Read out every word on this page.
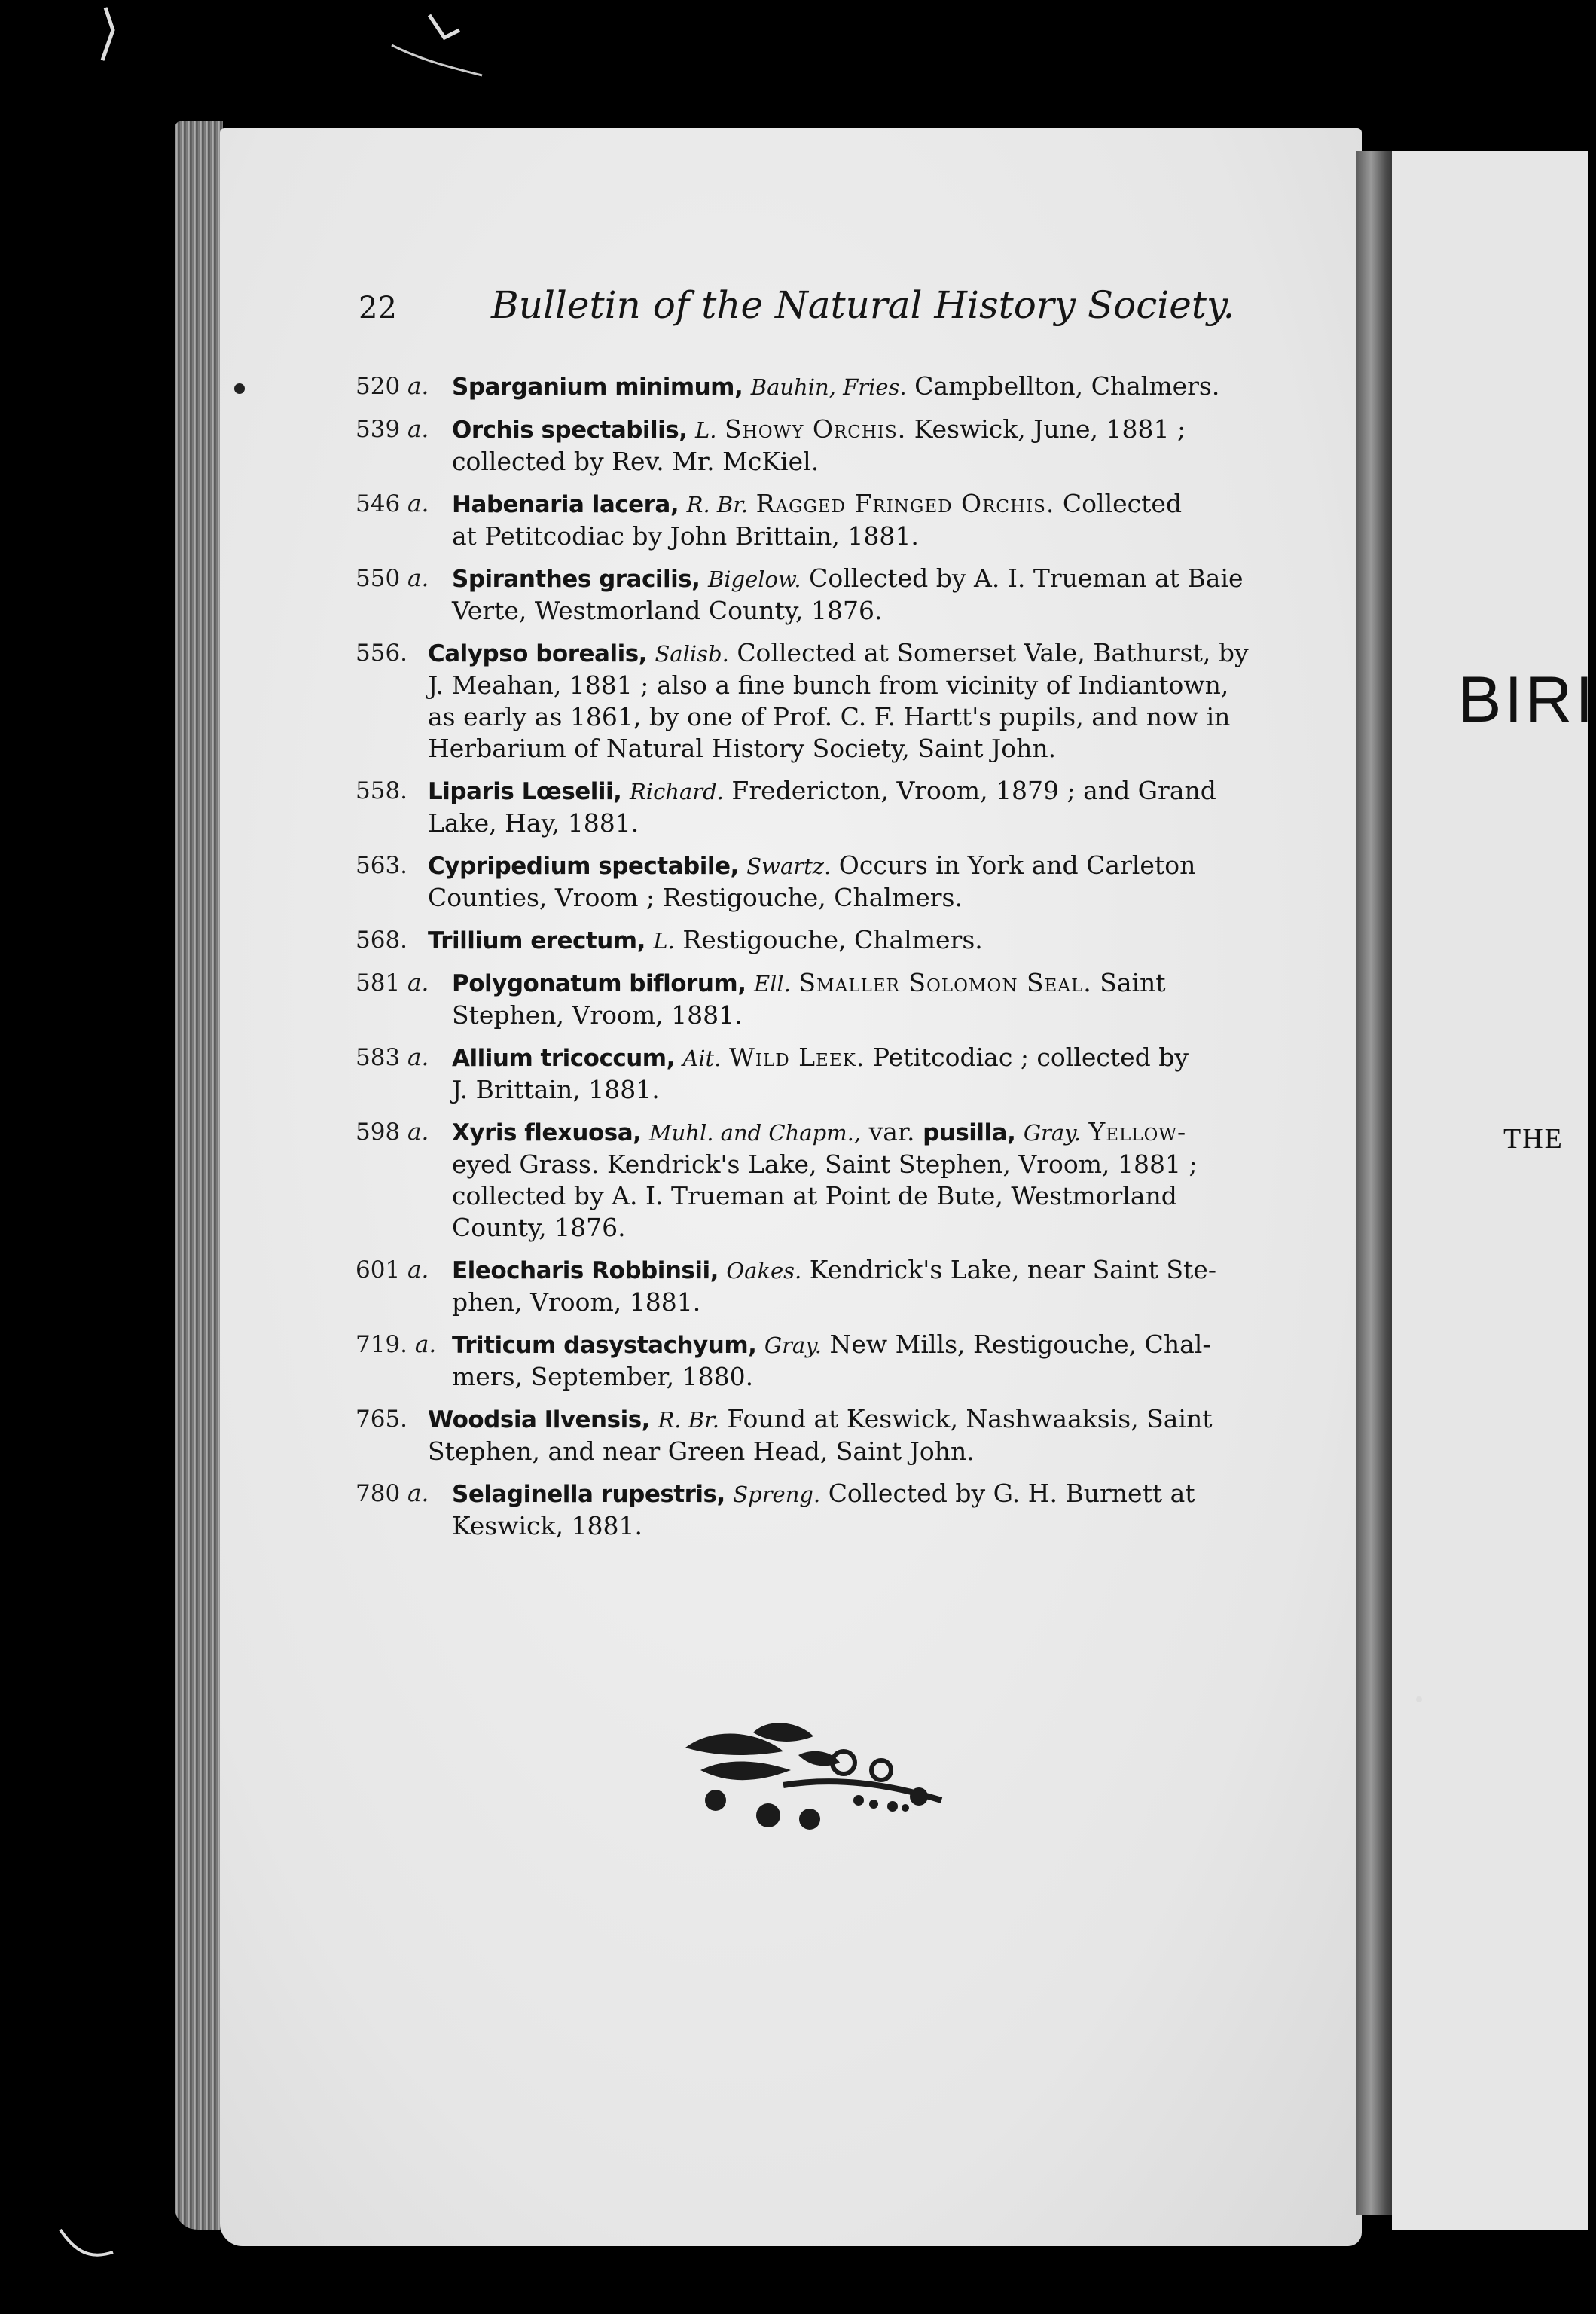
BIRI
THE
22	Bulletin of the Natural History Society.
520 a. Sparganium minimum, Bauhin, Fries. Campbellton, Chalmers.
539 a. Orchis spectabilis, L. Showy Orchis. Keswick, June, 1881 ;
collected by Rev. Mr. McKiel.
546 a. Habenaria lacera, R. Br. Ragged Fringed Orchis. Collected
at Petitcodiac by John Brittain, 1881.
550 a. Spiranthes gracilis, Bigelow. Collected by A. I. Trueman at Baie
Verte, Westmorland County, 1876.
556. Calypso borealis, Salisb. Collected at Somerset Vale, Bathurst, by
J. Meahan, 1881 ; also a fine bunch from vicinity of Indiantown,
as early as 1861, by one of Prof. C. F. Hartt's pupils, and now in
Herbarium of Natural History Society, Saint John.
558. Liparis Lœselii, Richard. Fredericton, Vroom, 1879 ; and Grand
Lake, Hay, 1881.
563. Cypripedium spectabile, Swartz. Occurs in York and Carleton
Counties, Vroom ; Restigouche, Chalmers.
568. Trillium erectum, L. Restigouche, Chalmers.
581 a. Polygonatum biflorum, Ell. Smaller Solomon Seal. Saint
Stephen, Vroom, 1881.
583 a. Allium tricoccum, Ait. Wild Leek. Petitcodiac ; collected by
J. Brittain, 1881.
598 a. Xyris flexuosa, Muhl. and Chapm., var. pusilla, Gray. Yellow-
eyed Grass. Kendrick's Lake, Saint Stephen, Vroom, 1881 ;
collected by A. I. Trueman at Point de Bute, Westmorland
County, 1876.
601 a. Eleocharis Robbinsii, Oakes. Kendrick's Lake, near Saint Ste-
phen, Vroom, 1881.
719. a. Triticum dasystachyum, Gray. New Mills, Restigouche, Chal-
mers, September, 1880.
765. Woodsia Ilvensis, R. Br. Found at Keswick, Nashwaaksis, Saint
Stephen, and near Green Head, Saint John.
780 a. Selaginella rupestris, Spreng. Collected by G. H. Burnett at
Keswick, 1881.
